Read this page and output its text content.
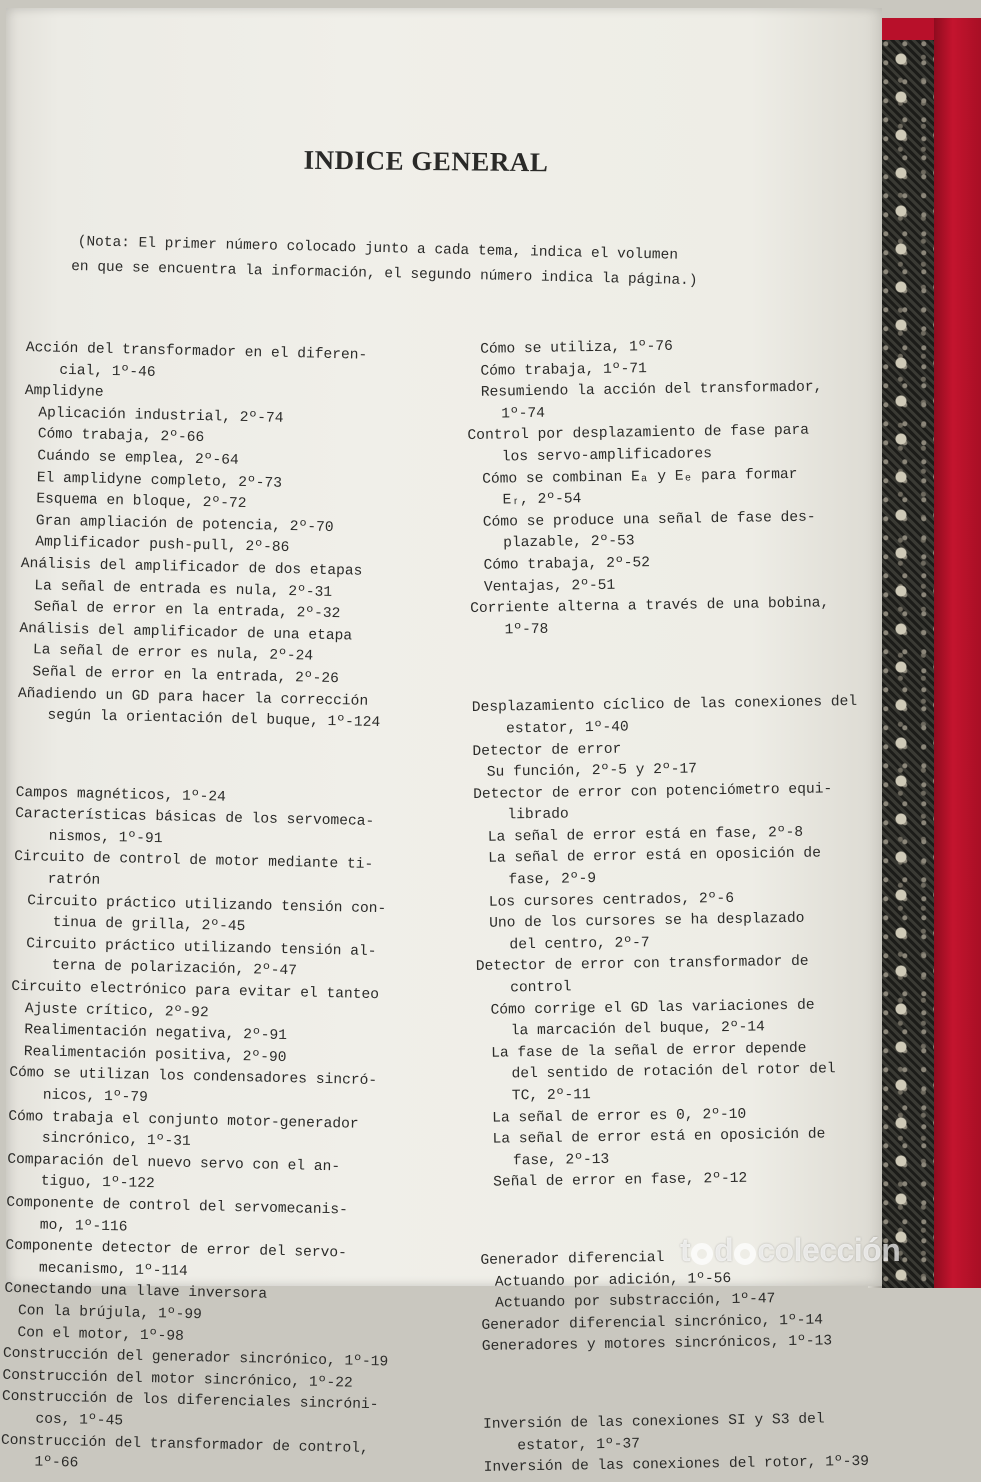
INDICE GENERAL
(Nota: El primer número colocado junto a cada tema, indica el volumen
en que se encuentra la información, el segundo número indica la página.)
Acción del transformador en el diferen-
cial, 1º-46
Amplidyne
Aplicación industrial, 2º-74
Cómo trabaja, 2º-66
Cuándo se emplea, 2º-64
El amplidyne completo, 2º-73
Esquema en bloque, 2º-72
Gran ampliación de potencia, 2º-70
Amplificador push-pull, 2º-86
Análisis del amplificador de dos etapas
La señal de entrada es nula, 2º-31
Señal de error en la entrada, 2º-32
Análisis del amplificador de una etapa
La señal de error es nula, 2º-24
Señal de error en la entrada, 2º-26
Añadiendo un GD para hacer la corrección
según la orientación del buque, 1º-124
Campos magnéticos, 1º-24
Características básicas de los servomeca-
nismos, 1º-91
Circuito de control de motor mediante ti-
ratrón
Circuito práctico utilizando tensión con-
tinua de grilla, 2º-45
Circuito práctico utilizando tensión al-
terna de polarización, 2º-47
Circuito electrónico para evitar el tanteo
Ajuste crítico, 2º-92
Realimentación negativa, 2º-91
Realimentación positiva, 2º-90
Cómo se utilizan los condensadores sincró-
nicos, 1º-79
Cómo trabaja el conjunto motor-generador
sincrónico, 1º-31
Comparación del nuevo servo con el an-
tiguo, 1º-122
Componente de control del servomecanis-
mo, 1º-116
Componente detector de error del servo-
mecanismo, 1º-114
Conectando una llave inversora
Con la brújula, 1º-99
Con el motor, 1º-98
Construcción del generador sincrónico, 1º-19
Construcción del motor sincrónico, 1º-22
Construcción de los diferenciales sincróni-
cos, 1º-45
Construcción del transformador de control,
1º-66
Cómo se utiliza, 1º-76
Cómo trabaja, 1º-71
Resumiendo la acción del transformador,
1º-74
Control por desplazamiento de fase para
los servo-amplificadores
Cómo se combinan Eₐ y Eₑ para formar
Eᵣ, 2º-54
Cómo se produce una señal de fase des-
plazable, 2º-53
Cómo trabaja, 2º-52
Ventajas, 2º-51
Corriente alterna a través de una bobina,
1º-78
Desplazamiento cíclico de las conexiones del
estator, 1º-40
Detector de error
Su función, 2º-5 y 2º-17
Detector de error con potenciómetro equi-
librado
La señal de error está en fase, 2º-8
La señal de error está en oposición de
fase, 2º-9
Los cursores centrados, 2º-6
Uno de los cursores se ha desplazado
del centro, 2º-7
Detector de error con transformador de
control
Cómo corrige el GD las variaciones de
la marcación del buque, 2º-14
La fase de la señal de error depende
del sentido de rotación del rotor del
TC, 2º-11
La señal de error es 0, 2º-10
La señal de error está en oposición de
fase, 2º-13
Señal de error en fase, 2º-12
Generador diferencial
Actuando por adición, 1º-56
Actuando por substracción, 1º-47
Generador diferencial sincrónico, 1º-14
Generadores y motores sincrónicos, 1º-13
Inversión de las conexiones SI y S3 del
estator, 1º-37
Inversión de las conexiones del rotor, 1º-39
t d colección
